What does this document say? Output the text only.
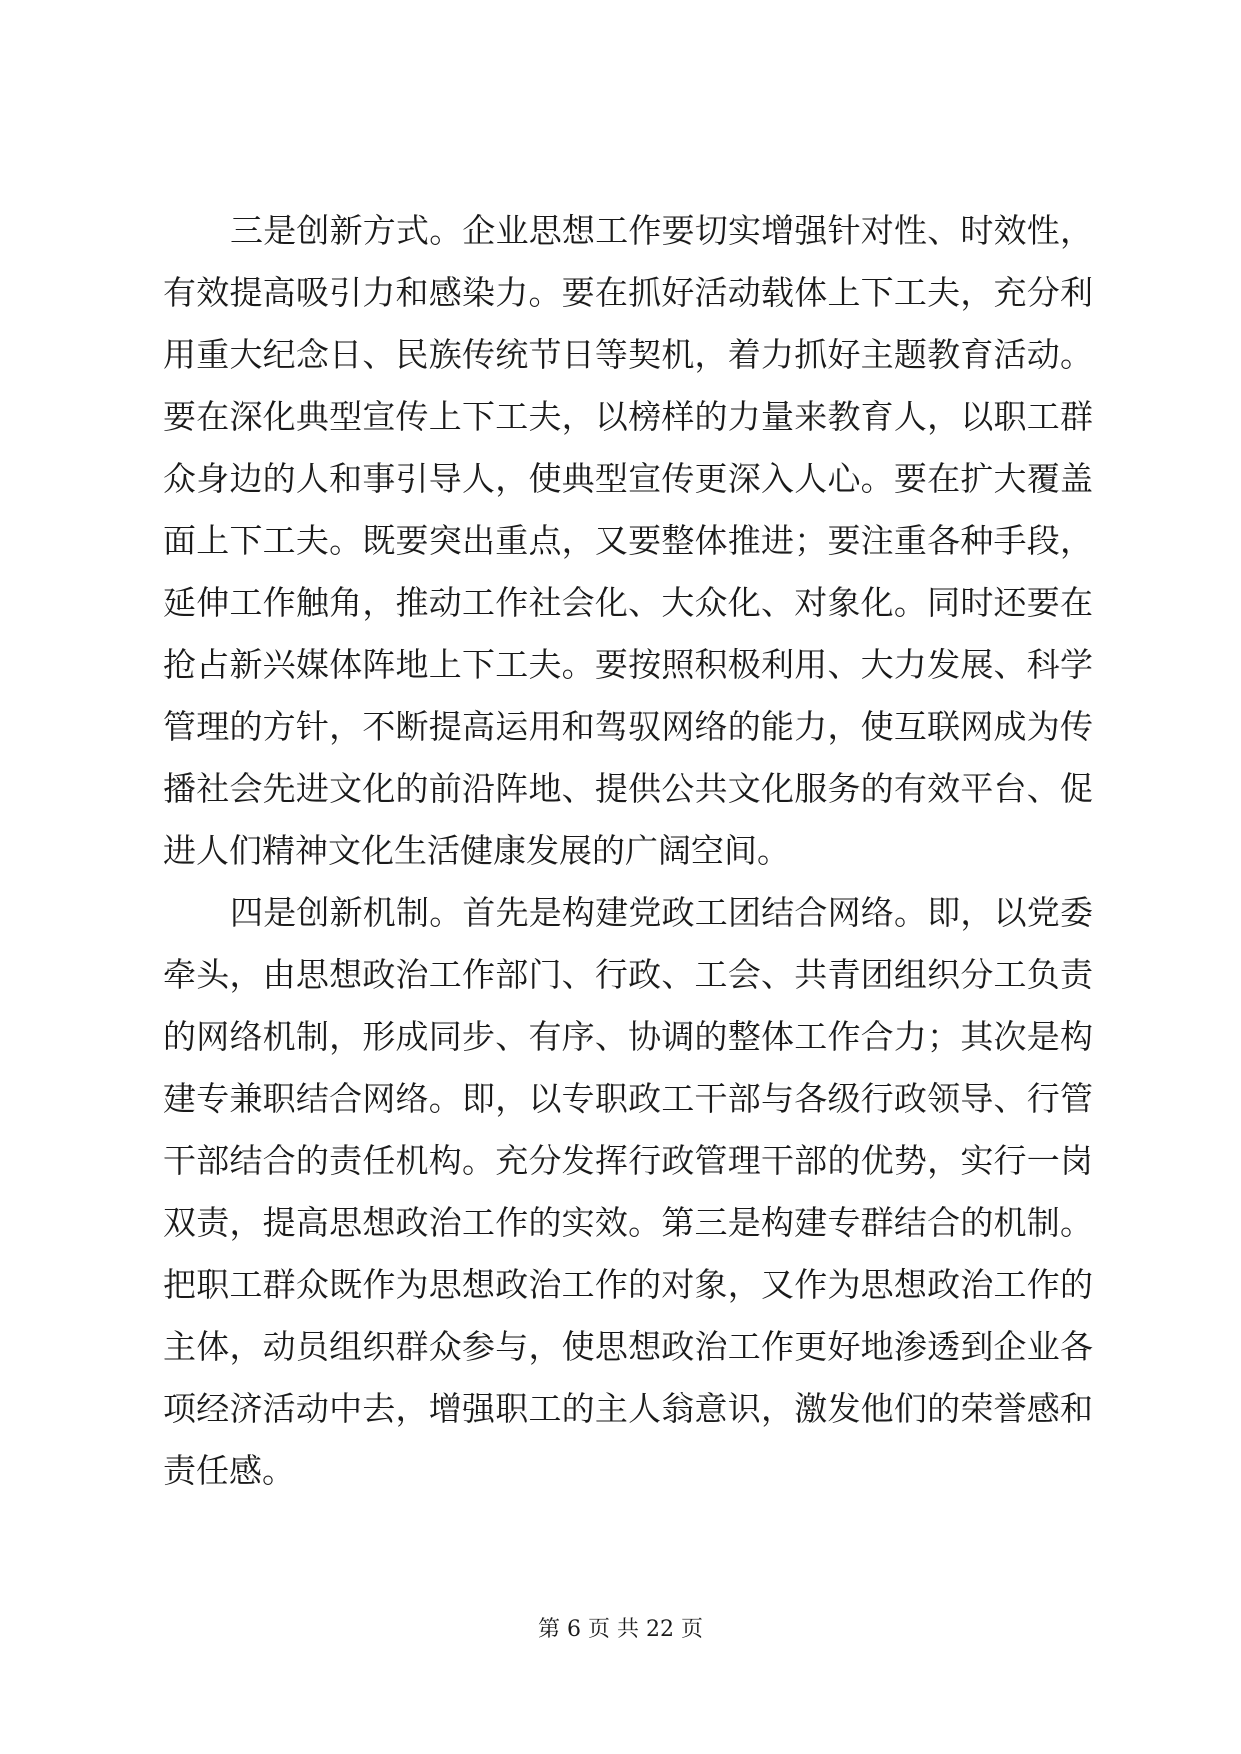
三是创新方式。企业思想工作要切实增强针对性、时效性，
有效提高吸引力和感染力。要在抓好活动载体上下工夫，充分利
用重大纪念日、民族传统节日等契机，着力抓好主题教育活动。
要在深化典型宣传上下工夫，以榜样的力量来教育人，以职工群
众身边的人和事引导人，使典型宣传更深入人心。要在扩大覆盖
面上下工夫。既要突出重点，又要整体推进；要注重各种手段，
延伸工作触角，推动工作社会化、大众化、对象化。同时还要在
抢占新兴媒体阵地上下工夫。要按照积极利用、大力发展、科学
管理的方针，不断提高运用和驾驭网络的能力，使互联网成为传
播社会先进文化的前沿阵地、提供公共文化服务的有效平台、促
进人们精神文化生活健康发展的广阔空间。
四是创新机制。首先是构建党政工团结合网络。即，以党委
牵头，由思想政治工作部门、行政、工会、共青团组织分工负责
的网络机制，形成同步、有序、协调的整体工作合力；其次是构
建专兼职结合网络。即，以专职政工干部与各级行政领导、行管
干部结合的责任机构。充分发挥行政管理干部的优势，实行一岗
双责，提高思想政治工作的实效。第三是构建专群结合的机制。
把职工群众既作为思想政治工作的对象，又作为思想政治工作的
主体，动员组织群众参与，使思想政治工作更好地渗透到企业各
项经济活动中去，增强职工的主人翁意识，激发他们的荣誉感和
责任感。
第 6 页 共 22 页
